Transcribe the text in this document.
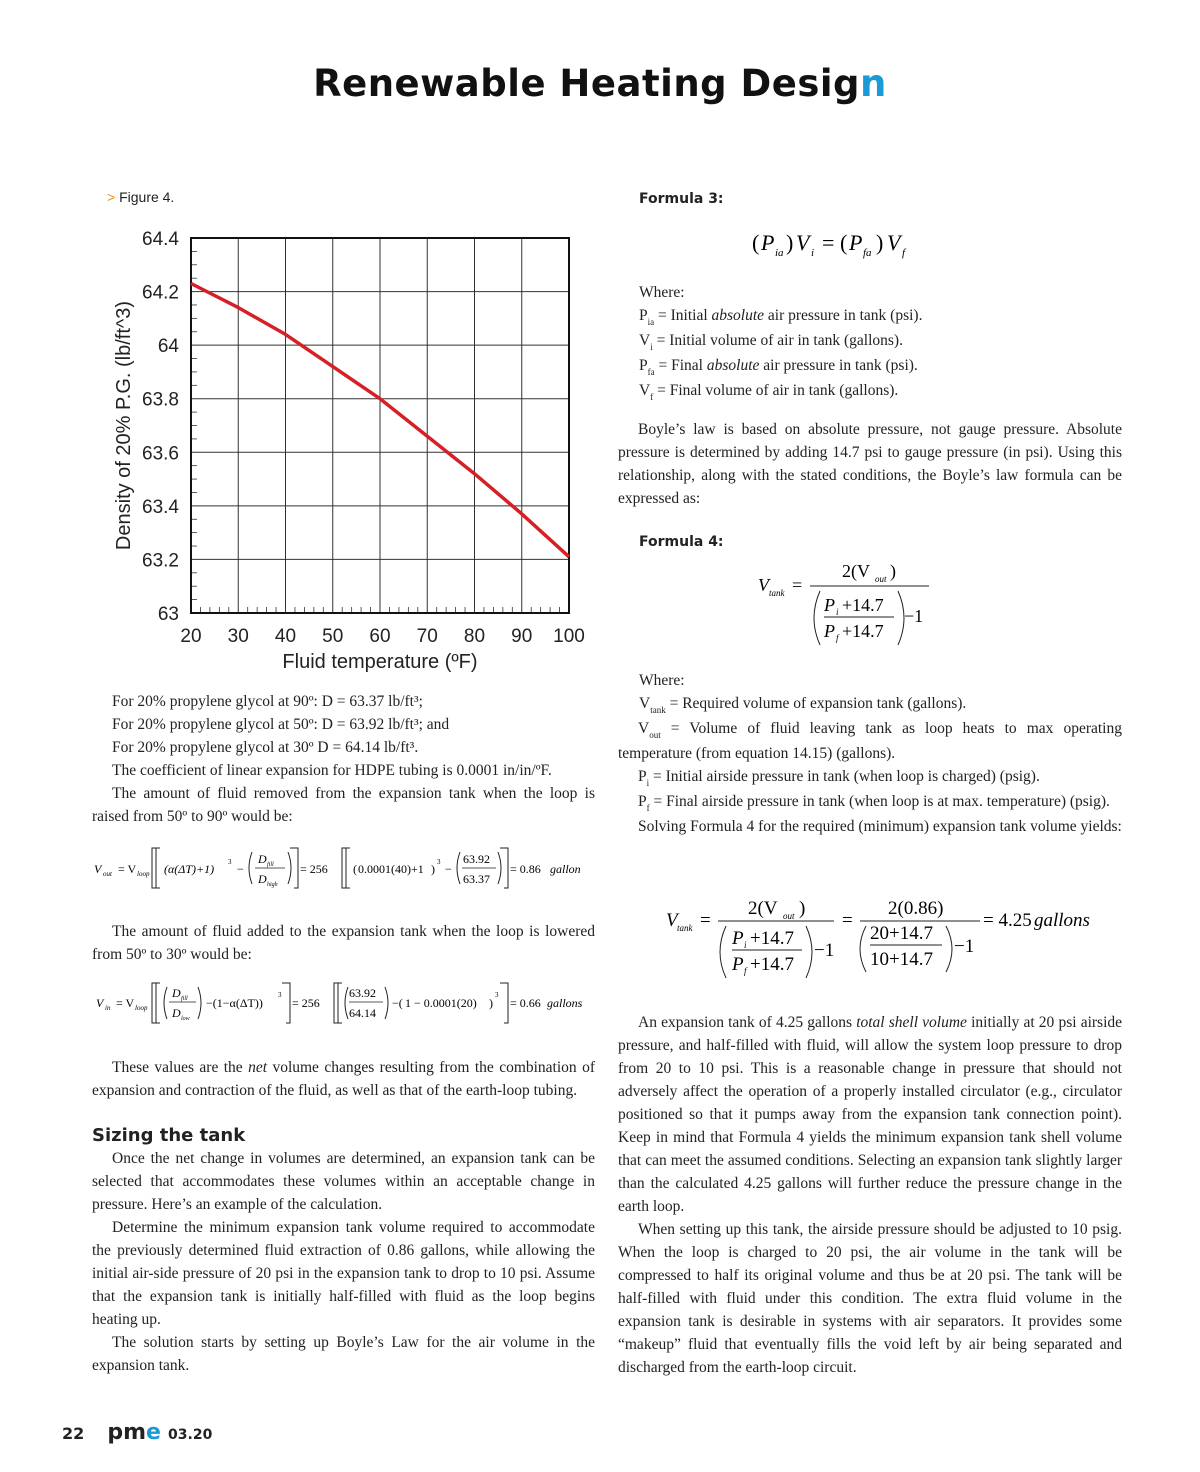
Renewable Heating Design
> Figure 4.
20 30 40 50 60 70 80 90 100
63
63.2
63.4
63.6
63.8
64
64.2
64.4
Fluid temperature (ºF)
Density of 20% P.G. (lb/ft^3)

For 20% propylene glycol at 90º: D = 63.37 lb/ft³;

For 20% propylene glycol at 50º: D = 63.92 lb/ft³; and

For 20% propylene glycol at 30º D = 64.14 lb/ft³.

The coefficient of linear expansion for HDPE tubing is 0.0001 in/in/ºF.

The amount of fluid removed from the expansion tank when the loop is raised from 50º to 90º would be:

V out = V loop (α(ΔT)+1) 3 −
D fill
D high
= 256 ( 0.0001(40)+1 ) 3 −
63.92
63.37
= 0.86 gallon

The amount of fluid added to the expansion tank when the loop is lowered from 50º to 30º would be:

V in = V loop
D fill
D low
−(1−α(ΔT))
3
= 256
63.92
64.14
−( 1 − 0.0001(20) )
3
= 0.66 gallons

These values are the net volume changes resulting from the combination of expansion and contraction of the fluid, as well as that of the earth-loop tubing.

Sizing the tank

Once the net change in volumes are determined, an expansion tank can be selected that accommodates these volumes within an acceptable change in pressure. Here’s an example of the calculation.

Determine the minimum expansion tank volume required to accommodate the previously determined fluid extraction of 0.86 gallons, while allowing the initial air-side pressure of 20 psi in the expansion tank to drop to 10 psi. Assume that the expansion tank is initially half-filled with fluid as the loop begins heating up.

The solution starts by setting up Boyle’s Law for the air volume in the expansion tank.

Formula 3:
( P ia ) V i = ( P fa ) V f

Where:

$P_{ia}$ = Initial absolute air pressure in tank (psi).

$V_i$ = Initial volume of air in tank (gallons).

$P_{fa}$ = Final absolute air pressure in tank (psi).

$V_f$ = Final volume of air in tank (gallons).

Boyle’s law is based on absolute pressure, not gauge pressure. Absolute pressure is determined by adding 14.7 psi to gauge pressure (in psi). Using this relationship, along with the stated conditions, the Boyle’s law formula can be expressed as:

Formula 4:
V tank =
2(V out )
P i +14.7
P f +14.7
−1

Where:

$V_{tank}$ = Required volume of expansion tank (gallons).

$V_{out}$ = Volume of fluid leaving tank as loop heats to max operating temperature (from equation 14.15) (gallons).

$P_i$ = Initial airside pressure in tank (when loop is charged) (psig).

$P_f$ = Final airside pressure in tank (when loop is at max. temperature) (psig).

Solving Formula 4 for the required (minimum) expansion tank volume yields:

V tank =
2(V out )
P i +14.7
P f +14.7
−1
=
2(0.86)
20+14.7
10+14.7
−1
= 4.25 gallons

An expansion tank of 4.25 gallons total shell volume initially at 20 psi airside pressure, and half-filled with fluid, will allow the system loop pressure to drop from 20 to 10 psi. This is a reasonable change in pressure that should not adversely affect the operation of a properly installed circulator (e.g., circulator positioned so that it pumps away from the expansion tank connection point). Keep in mind that Formula 4 yields the minimum expansion tank shell volume that can meet the assumed conditions. Selecting an expansion tank slightly larger than the calculated 4.25 gallons will further reduce the pressure change in the earth loop.

When setting up this tank, the airside pressure should be adjusted to 10 psig. When the loop is charged to 20 psi, the air volume in the tank will be compressed to half its original volume and thus be at 20 psi. The tank will be half-filled with fluid under this condition. The extra fluid volume in the expansion tank is desirable in systems with air separators. It provides some “makeup” fluid that eventually fills the void left by air being separated and discharged from the earth-loop circuit.

22 pme 03.20
